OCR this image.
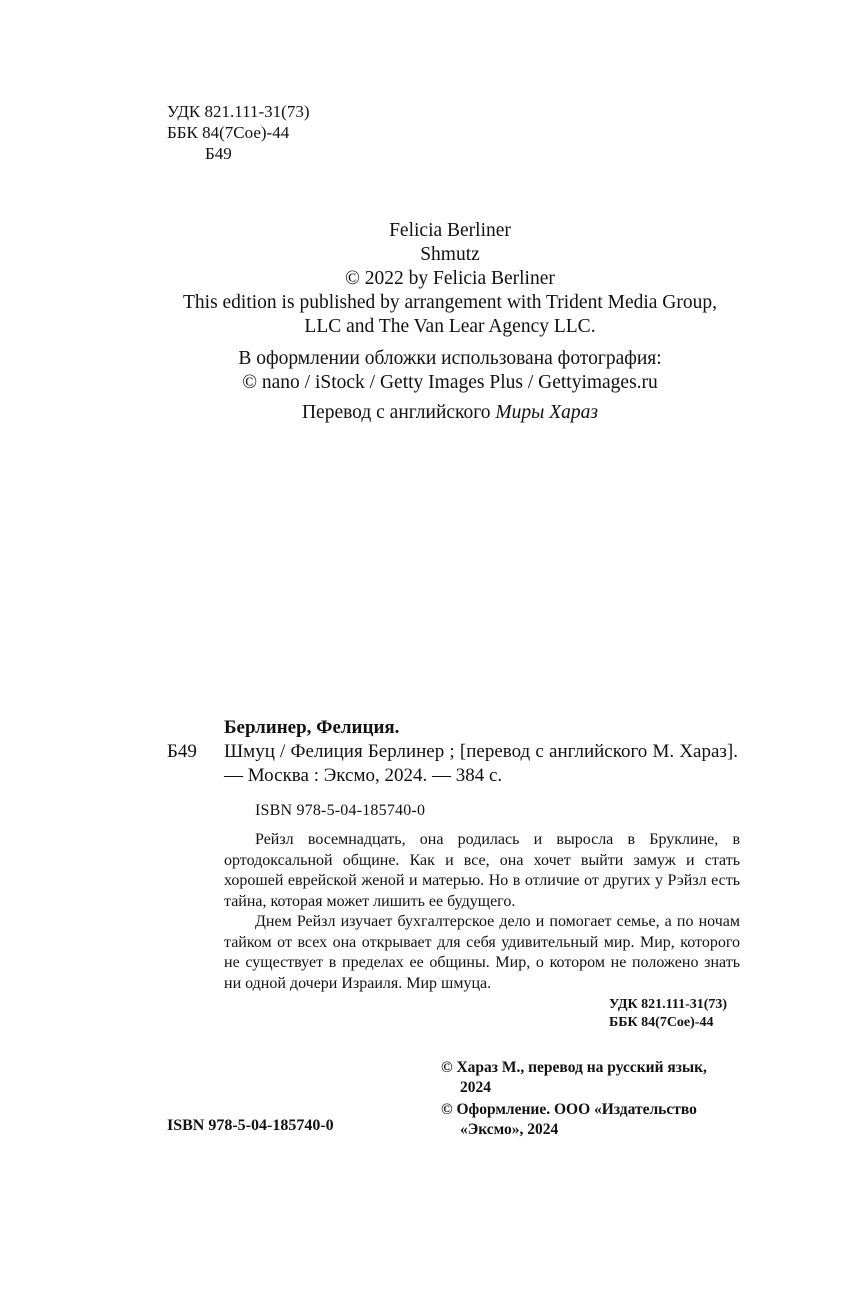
УДК 821.111-31(73)
ББК 84(7Сое)-44
Б49
Felicia Berliner
Shmutz
© 2022 by Felicia Berliner
This edition is published by arrangement with Trident Media Group,
LLC and The Van Lear Agency LLC.
В оформлении обложки использована фотография:
© nano / iStock / Getty Images Plus / Gettyimages.ru
Перевод с английского Миры Хараз
Берлинер, Фелиция.
Б49 Шмуц / Фелиция Берлинер ; [перевод с английского М. Хараз]. — Москва : Эксмо, 2024. — 384 с.
ISBN 978-5-04-185740-0

Рейзл восемнадцать, она родилась и выросла в Бруклине, в ортодоксальной общине. Как и все, она хочет выйти замуж и стать хорошей еврейской женой и матерью. Но в отличие от других у Рэйзл есть тайна, которая может лишить ее будущего.

Днем Рейзл изучает бухгалтерское дело и помогает семье, а по ночам тайком от всех она открывает для себя удивительный мир. Мир, которого не существует в пределах ее общины. Мир, о котором не положено знать ни одной дочери Израиля. Мир шмуца.

УДК 821.111-31(73)
ББК 84(7Сое)-44
© Хараз М., перевод на русский язык, 2024
© Оформление. ООО «Издательство «Эксмо», 2024
ISBN 978-5-04-185740-0
